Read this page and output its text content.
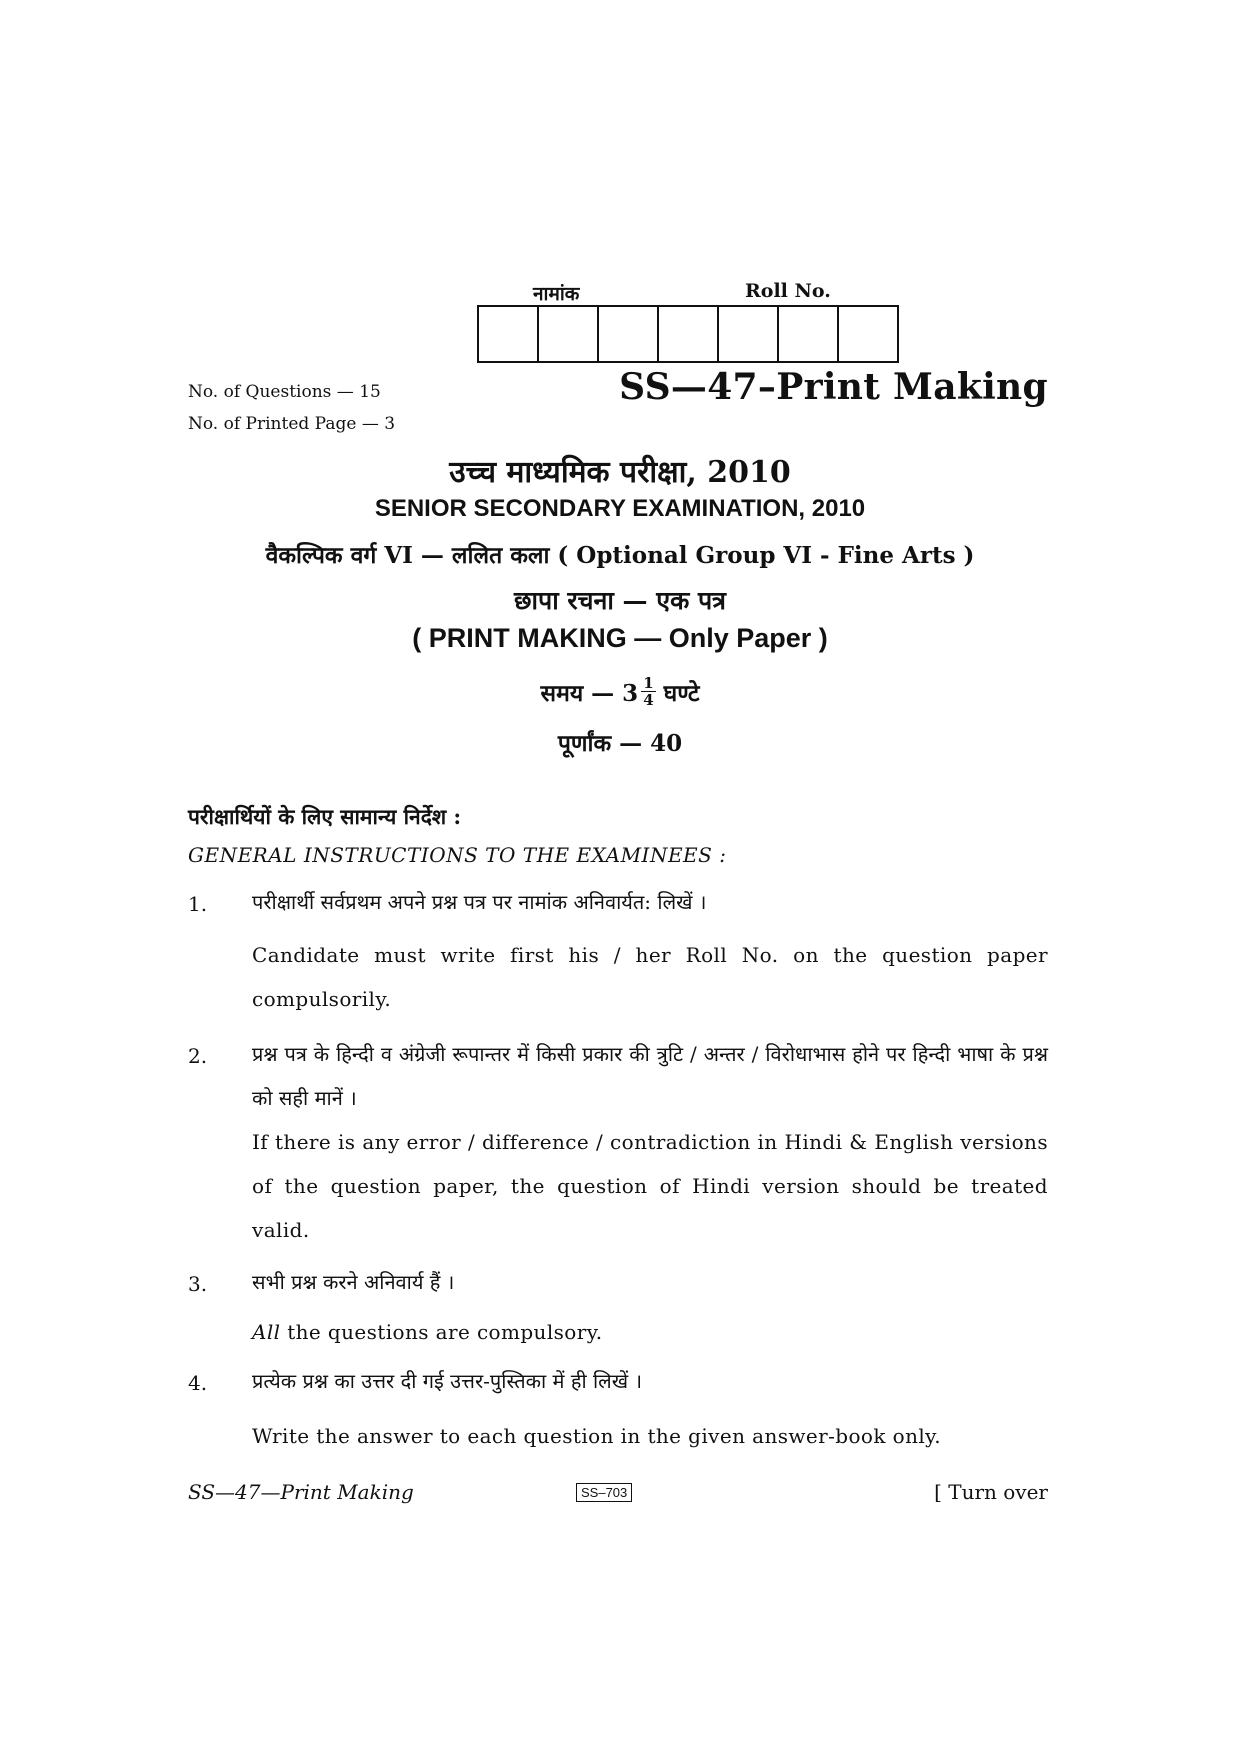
नामांक	Roll No.
No. of Questions — 15
No. of Printed Page — 3
SS—47–Print Making
उच्च माध्यमिक परीक्षा, 2010
SENIOR SECONDARY EXAMINATION, 2010
वैकल्पिक वर्ग VI — ललित कला ( Optional Group VI - Fine Arts )
छापा रचना — एक पत्र
( PRINT MAKING — Only Paper )
समय — $3 \frac{1}{4}$ घण्टे
पूर्णांक — 40
परीक्षार्थियों के लिए सामान्य निर्देश :
GENERAL INSTRUCTIONS TO THE EXAMINEES :
1. परीक्षार्थी सर्वप्रथम अपने प्रश्न पत्र पर नामांक अनिवार्यत: लिखें ।
Candidate must write first his / her Roll No. on the question paper compulsorily.
2. प्रश्न पत्र के हिन्दी व अंग्रेजी रूपान्तर में किसी प्रकार की त्रुटि / अन्तर / विरोधाभास होने पर हिन्दी भाषा के प्रश्न को सही मानें ।
If there is any error / difference / contradiction in Hindi & English versions of the question paper, the question of Hindi version should be treated valid.
3. सभी प्रश्न करने अनिवार्य हैं ।
All the questions are compulsory.
4. प्रत्येक प्रश्न का उत्तर दी गई उत्तर-पुस्तिका में ही लिखें ।
Write the answer to each question in the given answer-book only.
SS—47—Print Making	SS–703	[ Turn over
